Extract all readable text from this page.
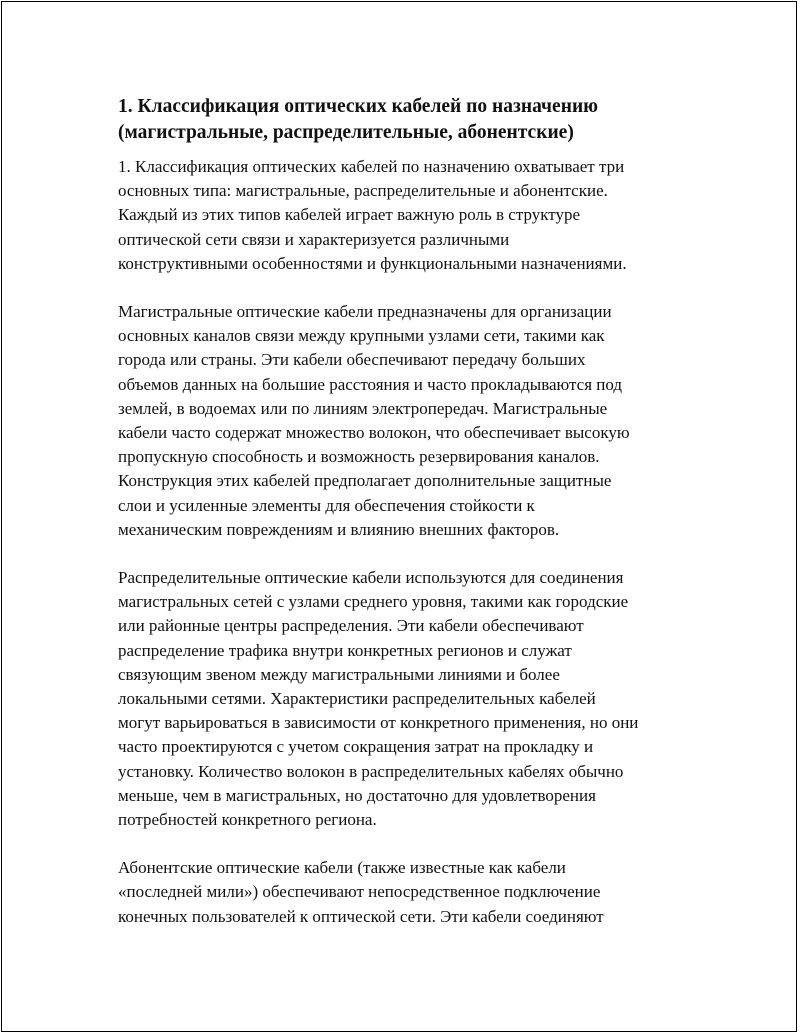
1. Классификация оптических кабелей по назначению
(магистральные, распределительные, абонентские)

1. Классификация оптических кабелей по назначению охватывает три
основных типа: магистральные, распределительные и абонентские.
Каждый из этих типов кабелей играет важную роль в структуре
оптической сети связи и характеризуется различными
конструктивными особенностями и функциональными назначениями.

Магистральные оптические кабели предназначены для организации
основных каналов связи между крупными узлами сети, такими как
города или страны. Эти кабели обеспечивают передачу больших
объемов данных на большие расстояния и часто прокладываются под
землей, в водоемах или по линиям электропередач. Магистральные
кабели часто содержат множество волокон, что обеспечивает высокую
пропускную способность и возможность резервирования каналов.
Конструкция этих кабелей предполагает дополнительные защитные
слои и усиленные элементы для обеспечения стойкости к
механическим повреждениям и влиянию внешних факторов.

Распределительные оптические кабели используются для соединения
магистральных сетей с узлами среднего уровня, такими как городские
или районные центры распределения. Эти кабели обеспечивают
распределение трафика внутри конкретных регионов и служат
связующим звеном между магистральными линиями и более
локальными сетями. Характеристики распределительных кабелей
могут варьироваться в зависимости от конкретного применения, но они
часто проектируются с учетом сокращения затрат на прокладку и
установку. Количество волокон в распределительных кабелях обычно
меньше, чем в магистральных, но достаточно для удовлетворения
потребностей конкретного региона.

Абонентские оптические кабели (также известные как кабели
«последней мили») обеспечивают непосредственное подключение
конечных пользователей к оптической сети. Эти кабели соединяют
